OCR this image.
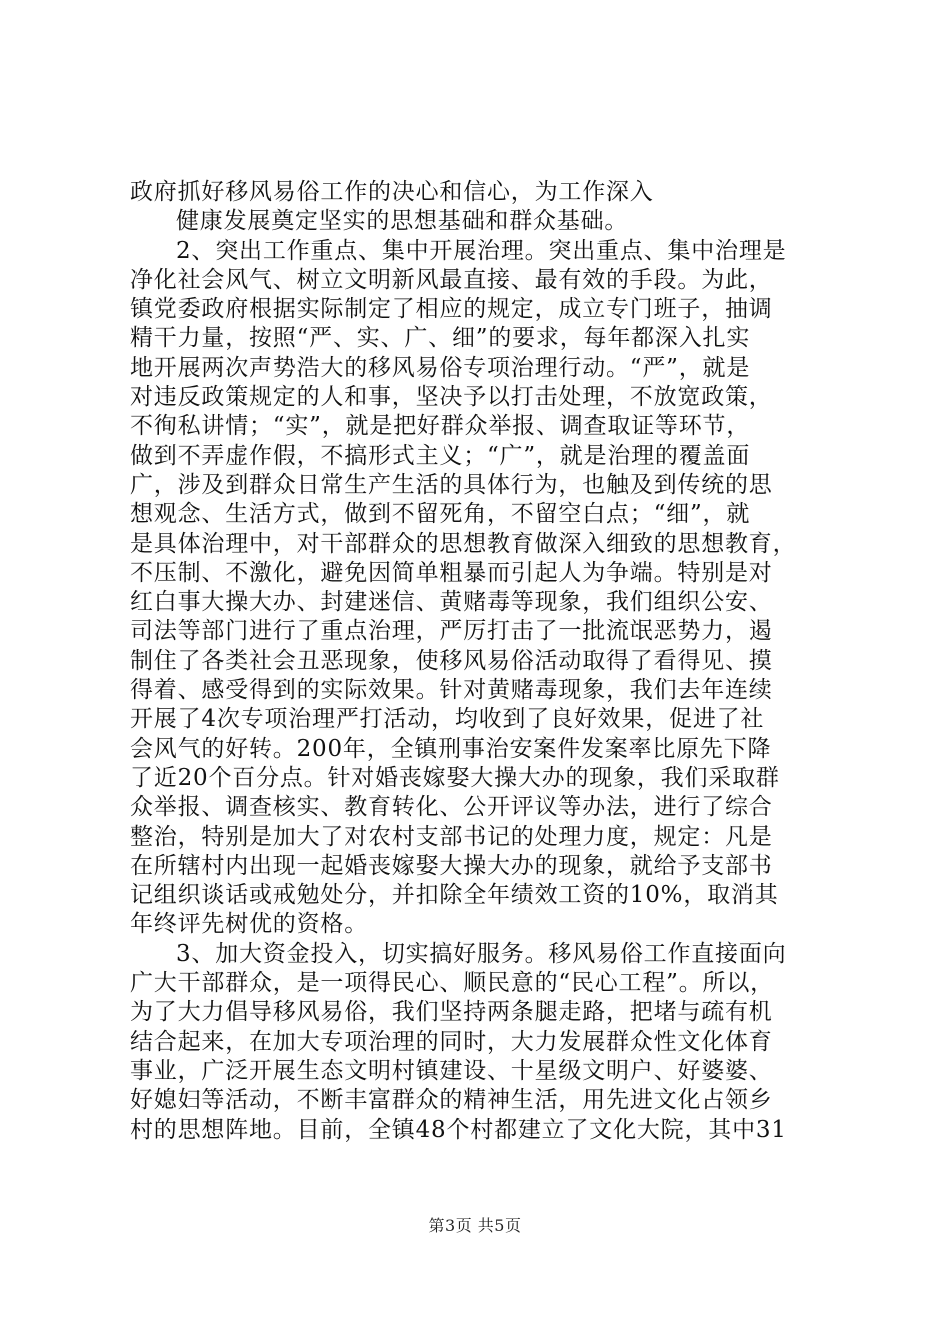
政府抓好移风易俗工作的决心和信心，为工作深入
健康发展奠定坚实的思想基础和群众基础。
2、突出工作重点、集中开展治理。突出重点、集中治理是
净化社会风气、树立文明新风最直接、最有效的手段。为此，
镇党委政府根据实际制定了相应的规定，成立专门班子，抽调
精干力量，按照“严、实、广、细”的要求，每年都深入扎实
地开展两次声势浩大的移风易俗专项治理行动。“严”，就是
对违反政策规定的人和事，坚决予以打击处理，不放宽政策，
不徇私讲情；“实”，就是把好群众举报、调查取证等环节，
做到不弄虚作假，不搞形式主义；“广”，就是治理的覆盖面
广，涉及到群众日常生产生活的具体行为，也触及到传统的思
想观念、生活方式，做到不留死角，不留空白点；“细”，就
是具体治理中，对干部群众的思想教育做深入细致的思想教育，
不压制、不激化，避免因简单粗暴而引起人为争端。特别是对
红白事大操大办、封建迷信、黄赌毒等现象，我们组织公安、
司法等部门进行了重点治理，严厉打击了一批流氓恶势力，遏
制住了各类社会丑恶现象，使移风易俗活动取得了看得见、摸
得着、感受得到的实际效果。针对黄赌毒现象，我们去年连续
开展了4次专项治理严打活动，均收到了良好效果，促进了社
会风气的好转。200年，全镇刑事治安案件发案率比原先下降
了近20个百分点。针对婚丧嫁娶大操大办的现象，我们采取群
众举报、调查核实、教育转化、公开评议等办法，进行了综合
整治，特别是加大了对农村支部书记的处理力度，规定：凡是
在所辖村内出现一起婚丧嫁娶大操大办的现象，就给予支部书
记组织谈话或戒勉处分，并扣除全年绩效工资的10%，取消其
年终评先树优的资格。
3、加大资金投入，切实搞好服务。移风易俗工作直接面向
广大干部群众，是一项得民心、顺民意的“民心工程”。所以，
为了大力倡导移风易俗，我们坚持两条腿走路，把堵与疏有机
结合起来，在加大专项治理的同时，大力发展群众性文化体育
事业，广泛开展生态文明村镇建设、十星级文明户、好婆婆、
好媳妇等活动，不断丰富群众的精神生活，用先进文化占领乡
村的思想阵地。目前，全镇48个村都建立了文化大院，其中31
第3页 共5页
